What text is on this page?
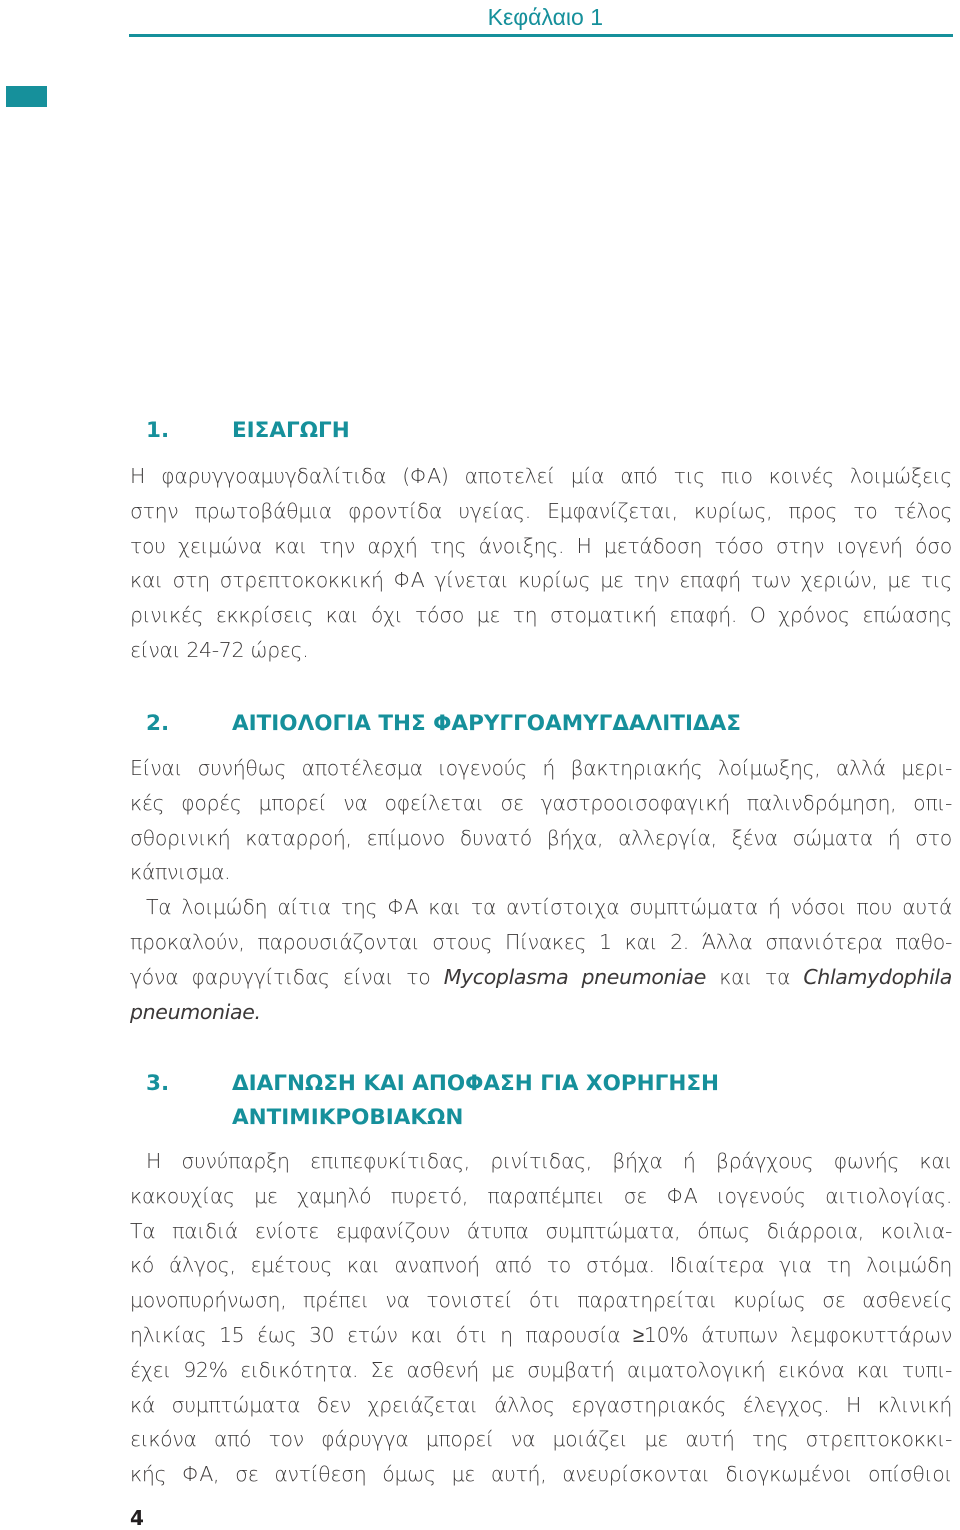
Κεφάλαιο 1
1.	ΕΙΣΑΓΩΓΗ
Η φαρυγγοαμυγδαλίτιδα (ΦΑ) αποτελεί μία από τις πιο κοινές λοιμώξεις
στην πρωτοβάθμια φροντίδα υγείας. Εμφανίζεται, κυρίως, προς το τέλος
του χειμώνα και την αρχή της άνοιξης. Η μετάδοση τόσο στην ιογενή όσο
και στη στρεπτοκοκκική ΦΑ γίνεται κυρίως με την επαφή των χεριών, με τις
ρινικές εκκρίσεις και όχι τόσο με τη στοματική επαφή. Ο χρόνος επώασης
είναι 24-72 ώρες.
2.	ΑΙΤΙΟΛΟΓΙΑ ΤΗΣ ΦΑΡΥΓΓΟΑΜΥΓΔΑΛΙΤΙΔΑΣ
Είναι συνήθως αποτέλεσμα ιογενούς ή βακτηριακής λοίμωξης, αλλά μερι-
κές φορές μπορεί να οφείλεται σε γαστροοισοφαγική παλινδρόμηση, οπι-
σθορινική καταρροή, επίμονο δυνατό βήχα, αλλεργία, ξένα σώματα ή στο
κάπνισμα.
Τα λοιμώδη αίτια της ΦΑ και τα αντίστοιχα συμπτώματα ή νόσοι που αυτά
προκαλούν, παρουσιάζονται στους Πίνακες 1 και 2. Άλλα σπανιότερα παθο-
γόνα φαρυγγίτιδας είναι το Mycoplasma pneumoniae και τα Chlamydophila
pneumoniae.
3.	ΔΙΑΓΝΩΣΗ ΚΑΙ ΑΠΟΦΑΣΗ ΓΙΑ ΧΟΡΗΓΗΣΗ
ΑΝΤΙΜΙΚΡΟΒΙΑΚΩΝ
Η συνύπαρξη επιπεφυκίτιδας, ρινίτιδας, βήχα ή βράγχους φωνής και
κακουχίας με χαμηλό πυρετό, παραπέμπει σε ΦΑ ιογενούς αιτιολογίας.
Τα παιδιά ενίοτε εμφανίζουν άτυπα συμπτώματα, όπως διάρροια, κοιλια-
κό άλγος, εμέτους και αναπνοή από το στόμα. Ιδιαίτερα για τη λοιμώδη
μονοπυρήνωση, πρέπει να τονιστεί ότι παρατηρείται κυρίως σε ασθενείς
ηλικίας 15 έως 30 ετών και ότι η παρουσία ≥10% άτυπων λεμφοκυττάρων
έχει 92% ειδικότητα. Σε ασθενή με συμβατή αιματολογική εικόνα και τυπι-
κά συμπτώματα δεν χρειάζεται άλλος εργαστηριακός έλεγχος. Η κλινική
εικόνα από τον φάρυγγα μπορεί να μοιάζει με αυτή της στρεπτοκοκκι-
κής ΦΑ, σε αντίθεση όμως με αυτή, ανευρίσκονται διογκωμένοι οπίσθιοι
4
